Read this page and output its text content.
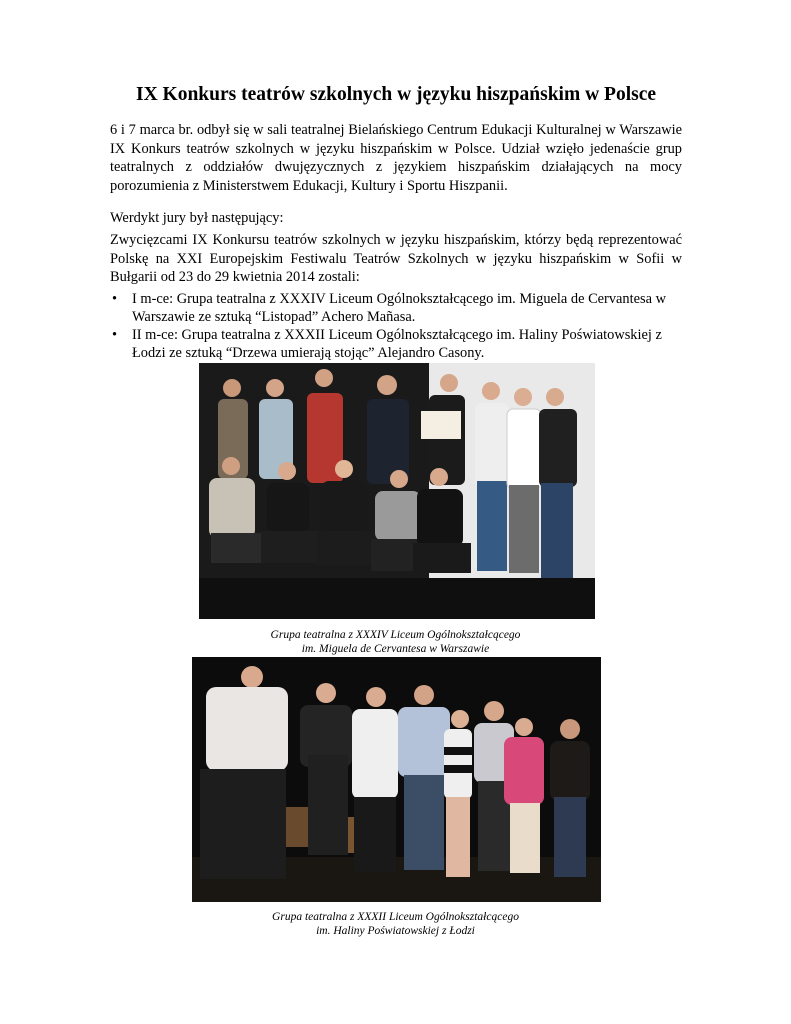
IX Konkurs teatrów szkolnych w języku hiszpańskim w Polsce

6 i 7 marca br. odbył się w sali teatralnej Bielańskiego Centrum Edukacji Kulturalnej w Warszawie IX Konkurs teatrów szkolnych w języku hiszpańskim w Polsce. Udział wzięło jedenaście grup teatralnych z oddziałów dwujęzycznych z językiem hiszpańskim działających na mocy porozumienia z Ministerstwem Edukacji, Kultury i Sportu Hiszpanii.

Werdykt jury był następujący:

Zwycięzcami IX Konkursu teatrów szkolnych w języku hiszpańskim, którzy będą reprezentować Polskę na XXI Europejskim Festiwalu Teatrów Szkolnych w języku hiszpańskim w Sofii w Bułgarii od 23 do 29 kwietnia 2014 zostali:

• I m-ce: Grupa teatralna z XXXIV Liceum Ogólnokształcącego im. Miguela de Cervantesa w Warszawie ze sztuką “Listopad” Achero Mañasa.
• II m-ce: Grupa teatralna z XXXII Liceum Ogólnokształcącego im. Haliny Poświatowskiej z Łodzi ze sztuką “Drzewa umierają stojąc” Alejandro Casony.
Grupa teatralna z XXXIV Liceum Ogólnokształcącego
im. Miguela de Cervantesa w Warszawie
Grupa teatralna z XXXII Liceum Ogólnokształcącego
im. Haliny Poświatowskiej z Łodzi
